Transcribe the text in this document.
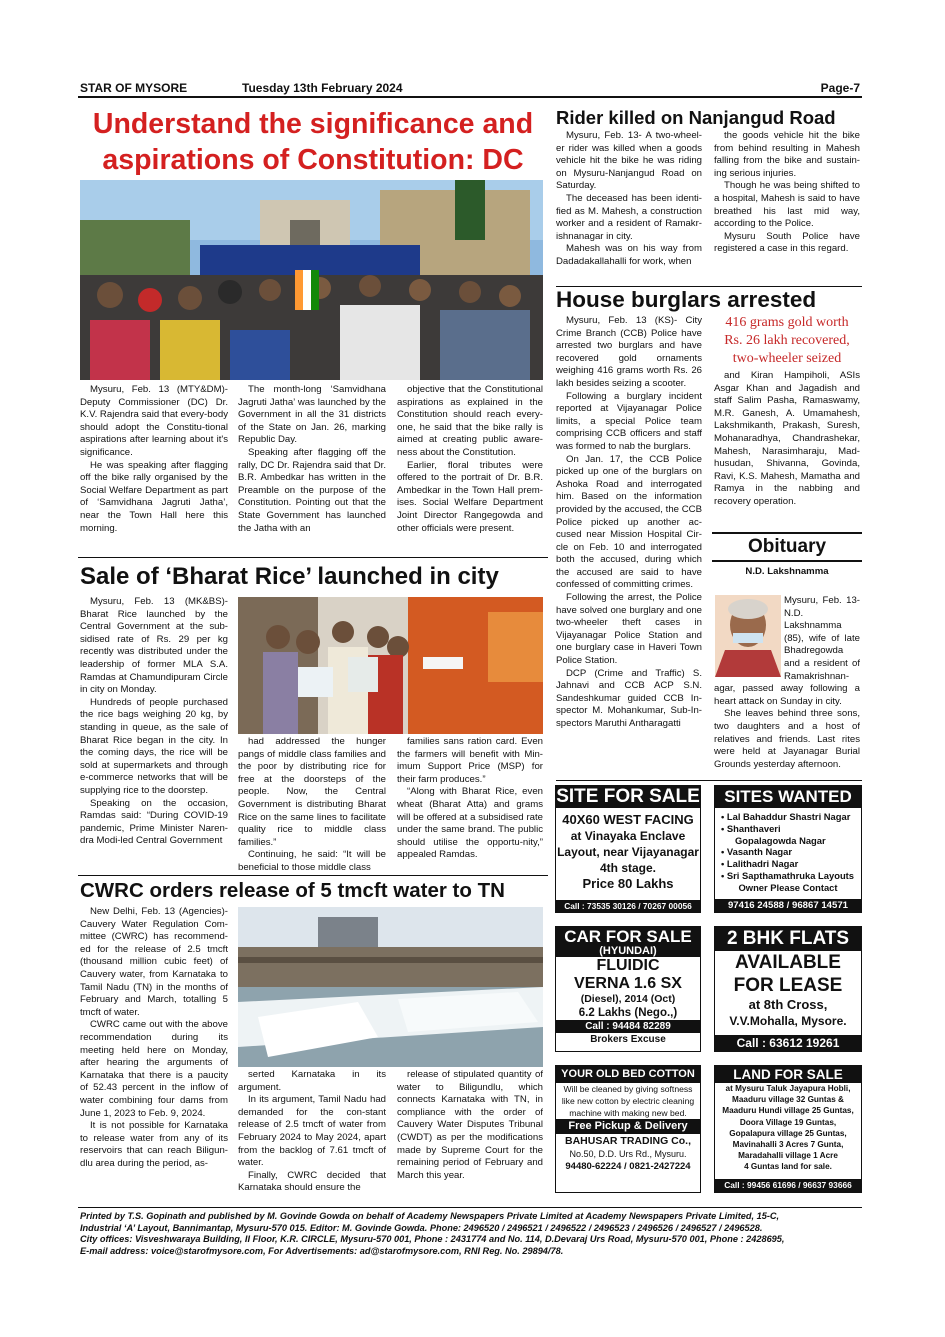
STAR OF MYSORE	Tuesday 13th February 2024	Page-7
Understand the significance and
aspirations of Constitution: DC

Mysuru, Feb. 13 (MTY&DM)- Deputy Commissioner (DC) Dr. K.V. Rajendra said that every-body should adopt the Constitu-tional aspirations after learning about it's significance.

He was speaking after flagging off the bike rally organised by the Social Welfare Department as part of ‘Samvidhana Jagruti Jatha’, near the Town Hall here this morning.

The month-long ‘Samvidhana Jagruti Jatha’ was launched by the Government in all the 31 districts of the State on Jan. 26, marking Republic Day.

Speaking after flagging off the rally, DC Dr. Rajendra said that Dr. B.R. Ambedkar has written in the Preamble on the purpose of the Constitution. Pointing out that the State Government has launched the Jatha with an

objective that the Constitutional aspirations as explained in the Constitution should reach every-one, he said that the bike rally is aimed at creating public aware-ness about the Constitution.

Earlier, floral tributes were offered to the portrait of Dr. B.R. Ambedkar in the Town Hall prem-ises. Social Welfare Department Joint Director Rangegowda and other officials were present.

Sale of ‘Bharat Rice’ launched in city

Mysuru, Feb. 13 (MK&BS)- Bharat Rice launched by the Central Government at the sub-sidised rate of Rs. 29 per kg recently was distributed under the leadership of former MLA S.A. Ramdas at Chamundipuram Circle in city on Monday.

Hundreds of people purchased the rice bags weighing 20 kg, by standing in queue, as the sale of Bharat Rice began in the city. In the coming days, the rice will be sold at supermarkets and through e-commerce networks that will be supplying rice to the doorstep.

Speaking on the occasion, Ramdas said: “During COVID-19 pandemic, Prime Minister Naren-dra Modi-led Central Government

had addressed the hunger pangs of middle class families and the poor by distributing rice for free at the doorsteps of the people. Now, the Central Government is distributing Bharat Rice on the same lines to facilitate quality rice to middle class families.”

Continuing, he said: “It will be beneficial to those middle class

families sans ration card. Even the farmers will benefit with Min-imum Support Price (MSP) for their farm produces.”

“Along with Bharat Rice, even wheat (Bharat Atta) and grams will be offered at a subsidised rate under the same brand. The public should utilise the opportu-nity,” appealed Ramdas.

CWRC orders release of 5 tmcft water to TN

New Delhi, Feb. 13 (Agencies)- Cauvery Water Regulation Com-mittee (CWRC) has recommend-ed for the release of 2.5 tmcft (thousand million cubic feet) of Cauvery water, from Karnataka to Tamil Nadu (TN) in the months of February and March, totalling 5 tmcft of water.

CWRC came out with the above recommendation during its meeting held here on Monday, after hearing the arguments of Karnataka that there is a paucity of 52.43 percent in the inflow of water combining four dams from June 1, 2023 to Feb. 9, 2024.

It is not possible for Karnataka to release water from any of its reservoirs that can reach Biligun-dlu area during the period, as-

serted Karnataka in its argument.

In its argument, Tamil Nadu had demanded for the con-stant release of 2.5 tmcft of water from February 2024 to May 2024, apart from the backlog of 7.61 tmcft of water.

Finally, CWRC decided that Karnataka should ensure the

release of stipulated quantity of water to Biligundlu, which connects Karnataka with TN, in compliance with the order of Cauvery Water Disputes Tribunal (CWDT) as per the modifications made by Supreme Court for the remaining period of February and March this year.

Rider killed on Nanjangud Road

Mysuru, Feb. 13- A two-wheel-er rider was killed when a goods vehicle hit the bike he was riding on Mysuru-Nanjangud Road on Saturday.

The deceased has been identi-fied as M. Mahesh, a construction worker and a resident of Ramakr-ishnanagar in city.

Mahesh was on his way from Dadadakallahalli for work, when

the goods vehicle hit the bike from behind resulting in Mahesh falling from the bike and sustain-ing serious injuries.

Though he was being shifted to a hospital, Mahesh is said to have breathed his last mid way, according to the Police.

Mysuru South Police have registered a case in this regard.

House burglars arrested

Mysuru, Feb. 13 (KS)- City Crime Branch (CCB) Police have arrested two burglars and have recovered gold ornaments weighing 416 grams worth Rs. 26 lakh besides seizing a scooter.

Following a burglary incident reported at Vijayanagar Police limits, a special Police team comprising CCB officers and staff was formed to nab the burglars.

On Jan. 17, the CCB Police picked up one of the burglars on Ashoka Road and interrogated him. Based on the information provided by the accused, the CCB Police picked up another ac-cused near Mission Hospital Cir-cle on Feb. 10 and interrogated both the accused, during which the accused are said to have confessed of committing crimes.

Following the arrest, the Police have solved one burglary and one two-wheeler theft cases in Vijayanagar Police Station and one burglary case in Haveri Town Police Station.

DCP (Crime and Traffic) S. Jahnavi and CCB ACP S.N. Sandeshkumar guided CCB In-spector M. Mohankumar, Sub-In-spectors Maruthi Antharagatti

416 grams gold worth
Rs. 26 lakh recovered,
two-wheeler seized

and Kiran Hampiholi, ASIs Asgar Khan and Jagadish and staff Salim Pasha, Ramaswamy, M.R. Ganesh, A. Umamahesh, Lakshmikanth, Prakash, Suresh, Mohanaradhya, Chandrashekar, Mahesh, Narasimharaju, Mad-husudan, Shivanna, Govinda, Ravi, K.S. Mahesh, Mamatha and Ramya in the nabbing and recovery operation.

Obituary
N.D. Lakshnamma

Mysuru, Feb. 13- N.D. Lakshnamma (85), wife of late Bhadregowda and a resident of Ramakrishnan-agar, passed away following a heart attack on Sunday in city.

She leaves behind three sons, two daughters and a host of relatives and friends. Last rites were held at Jayanagar Burial Grounds yesterday afternoon.

SITE FOR SALE
40X60 WEST FACING
at Vinayaka Enclave
Layout, near Vijayanagar
4th stage.
Price 80 Lakhs
Call : 73535 30126 / 70267 00056
SITES WANTED
• Lal Bahaddur Shastri Nagar
• Shanthaveri
Gopalagowda Nagar
• Vasanth Nagar
• Lalithadri Nagar
• Sri Sapthamathruka Layouts
Owner Please Contact
97416 24588 / 96867 14571
CAR FOR SALE
(HYUNDAI)
FLUIDIC
VERNA 1.6 SX
(Diesel), 2014 (Oct)
6.2 Lakhs (Nego.,)
Call : 94484 82289
Brokers Excuse
2 BHK FLATS
AVAILABLE
FOR LEASE
at 8th Cross,
V.V.Mohalla, Mysore.
Call : 63612 19261
YOUR OLD BED COTTON
Will be cleaned by giving softness
like new cotton by electric cleaning
machine with making new bed.
Free Pickup & Delivery
BAHUSAR TRADING Co.,
No.50, D.D. Urs Rd., Mysuru.
94480-62224 / 0821-2427224
LAND FOR SALE
at Mysuru Taluk Jayapura Hobli,
Maaduru village 32 Guntas &
Maaduru Hundi village 25 Guntas,
Doora Village 19 Guntas,
Gopalapura village 25 Guntas,
Mavinahalli 3 Acres 7 Gunta,
Maradahalli village 1 Acre
4 Guntas land for sale.
Call : 99456 61696 / 96637 93666

Printed by T.S. Gopinath and published by M. Govinde Gowda on behalf of Academy Newspapers Private Limited at Academy Newspapers Private Limited, 15-C,

Industrial ‘A’ Layout, Bannimantap, Mysuru-570 015. Editor: M. Govinde Gowda. Phone: 2496520 / 2496521 / 2496522 / 2496523 / 2496526 / 2496527 / 2496528.

City offices: Visveshwaraya Building, II Floor, K.R. CIRCLE, Mysuru-570 001, Phone : 2431774 and No. 114, D.Devaraj Urs Road, Mysuru-570 001, Phone : 2428695,

E-mail address: voice@starofmysore.com, For Advertisements: ad@starofmysore.com, RNI Reg. No. 29894/78.
